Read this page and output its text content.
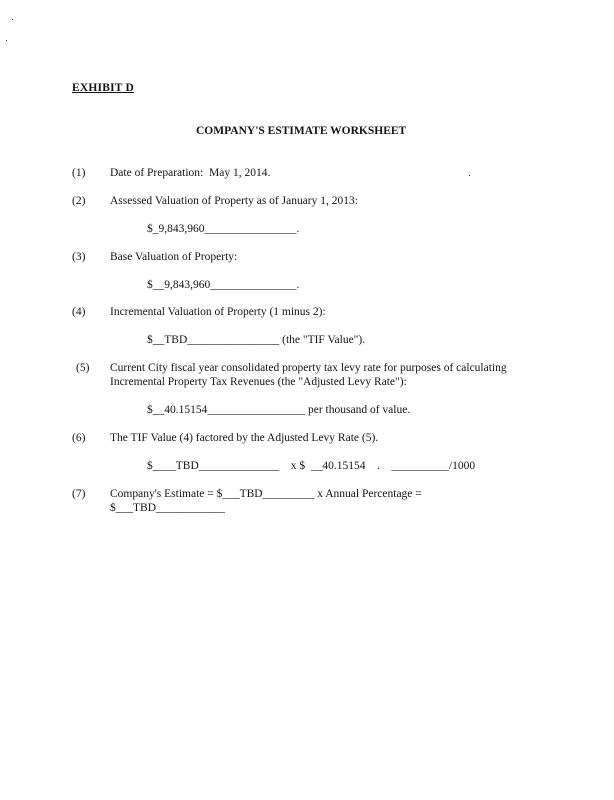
EXHIBIT D
COMPANY'S ESTIMATE WORKSHEET
(1) Date of Preparation:  May 1, 2014.
(2) Assessed Valuation of Property as of January 1, 2013:
$_9,843,960________________.
(3) Base Valuation of Property:
$__9,843,960_______________.
(4) Incremental Valuation of Property (1 minus 2):
$__TBD________________ (the "TIF Value").
(5) Current City fiscal year consolidated property tax levy rate for purposes of calculating
Incremental Property Tax Revenues (the "Adjusted Levy Rate"):
$__40.15154_________________ per thousand of value.
(6) The TIF Value (4) factored by the Adjusted Levy Rate (5).
$____TBD______________    x $  __40.15154    .    __________/1000
(7) Company's Estimate = $___TBD_________ x Annual Percentage =
$___TBD____________
